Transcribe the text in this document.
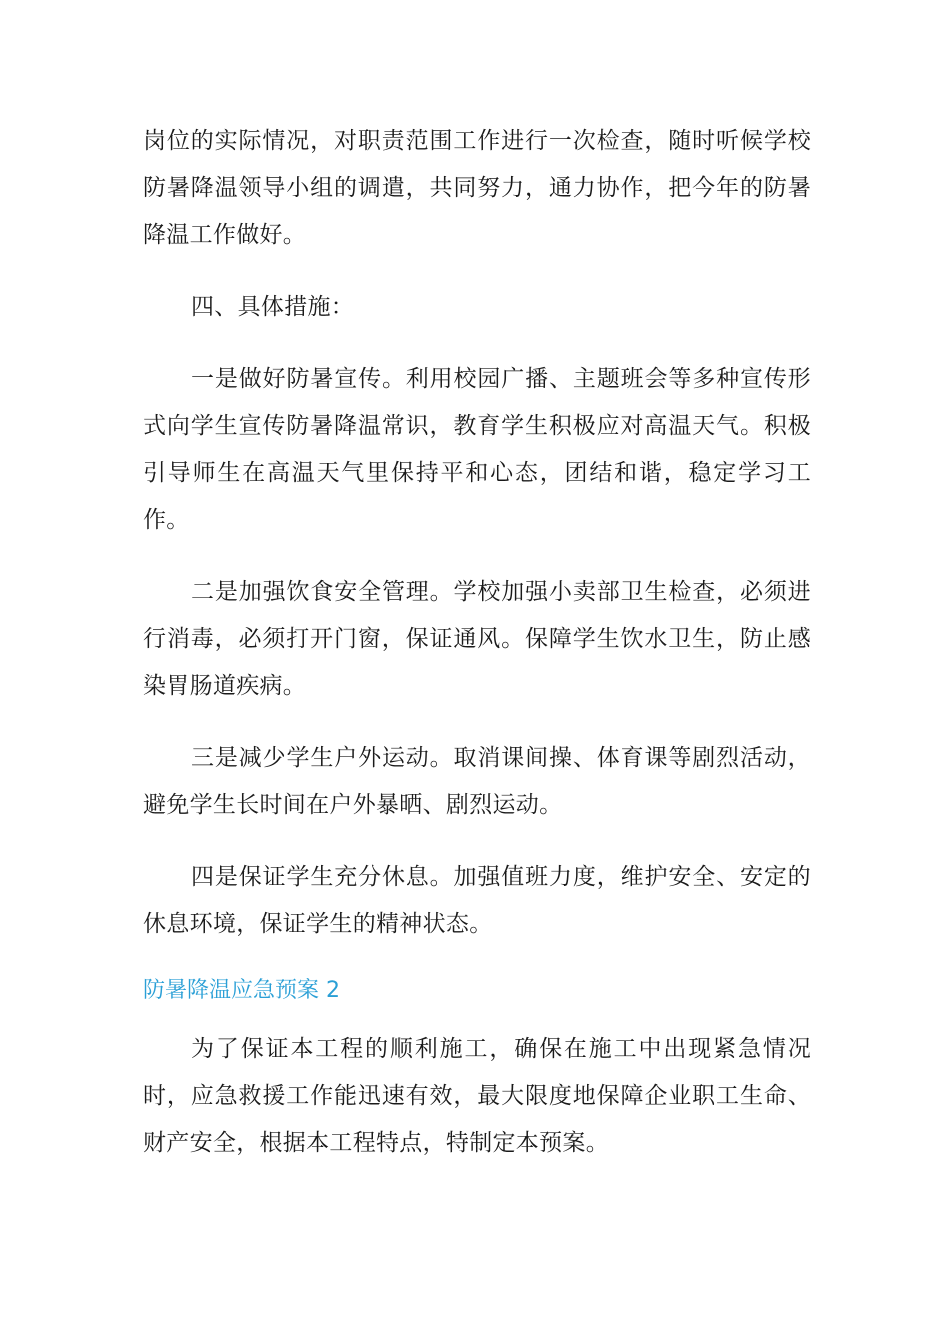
岗位的实际情况，对职责范围工作进行一次检查，随时听候学校防暑降温领导小组的调遣，共同努力，通力协作，把今年的防暑降温工作做好。

四、具体措施：

一是做好防暑宣传。利用校园广播、主题班会等多种宣传形式向学生宣传防暑降温常识，教育学生积极应对高温天气。积极引导师生在高温天气里保持平和心态，团结和谐，稳定学习工作。

二是加强饮食安全管理。学校加强小卖部卫生检查，必须进行消毒，必须打开门窗，保证通风。保障学生饮水卫生，防止感染胃肠道疾病。

三是减少学生户外运动。取消课间操、体育课等剧烈活动，避免学生长时间在户外暴晒、剧烈运动。

四是保证学生充分休息。加强值班力度，维护安全、安定的休息环境，保证学生的精神状态。

防暑降温应急预案 2

为了保证本工程的顺利施工，确保在施工中出现紧急情况时，应急救援工作能迅速有效，最大限度地保障企业职工生命、财产安全，根据本工程特点，特制定本预案。
